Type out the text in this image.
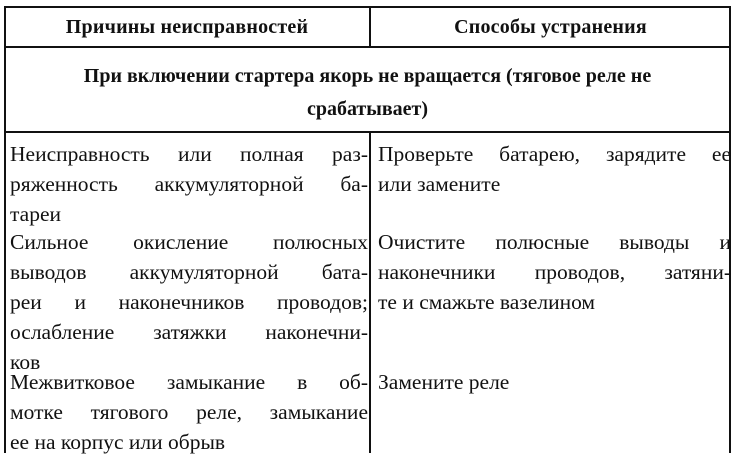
Причины неисправностей	Способы устранения
При включении стартера якорь не вращается (тяговое реле не срабатывает)
Неисправность или полная раз-
ряженность аккумуляторной ба-
тареи
Проверьте батарею, зарядите ее
или замените
Сильное окисление полюсных
выводов аккумуляторной бата-
реи и наконечников проводов;
ослабление затяжки наконечни-
ков
Очистите полюсные выводы и
наконечники проводов, затяни-
те и смажьте вазелином
Межвитковое замыкание в об-
мотке тягового реле, замыкание
ее на корпус или обрыв
Замените реле
